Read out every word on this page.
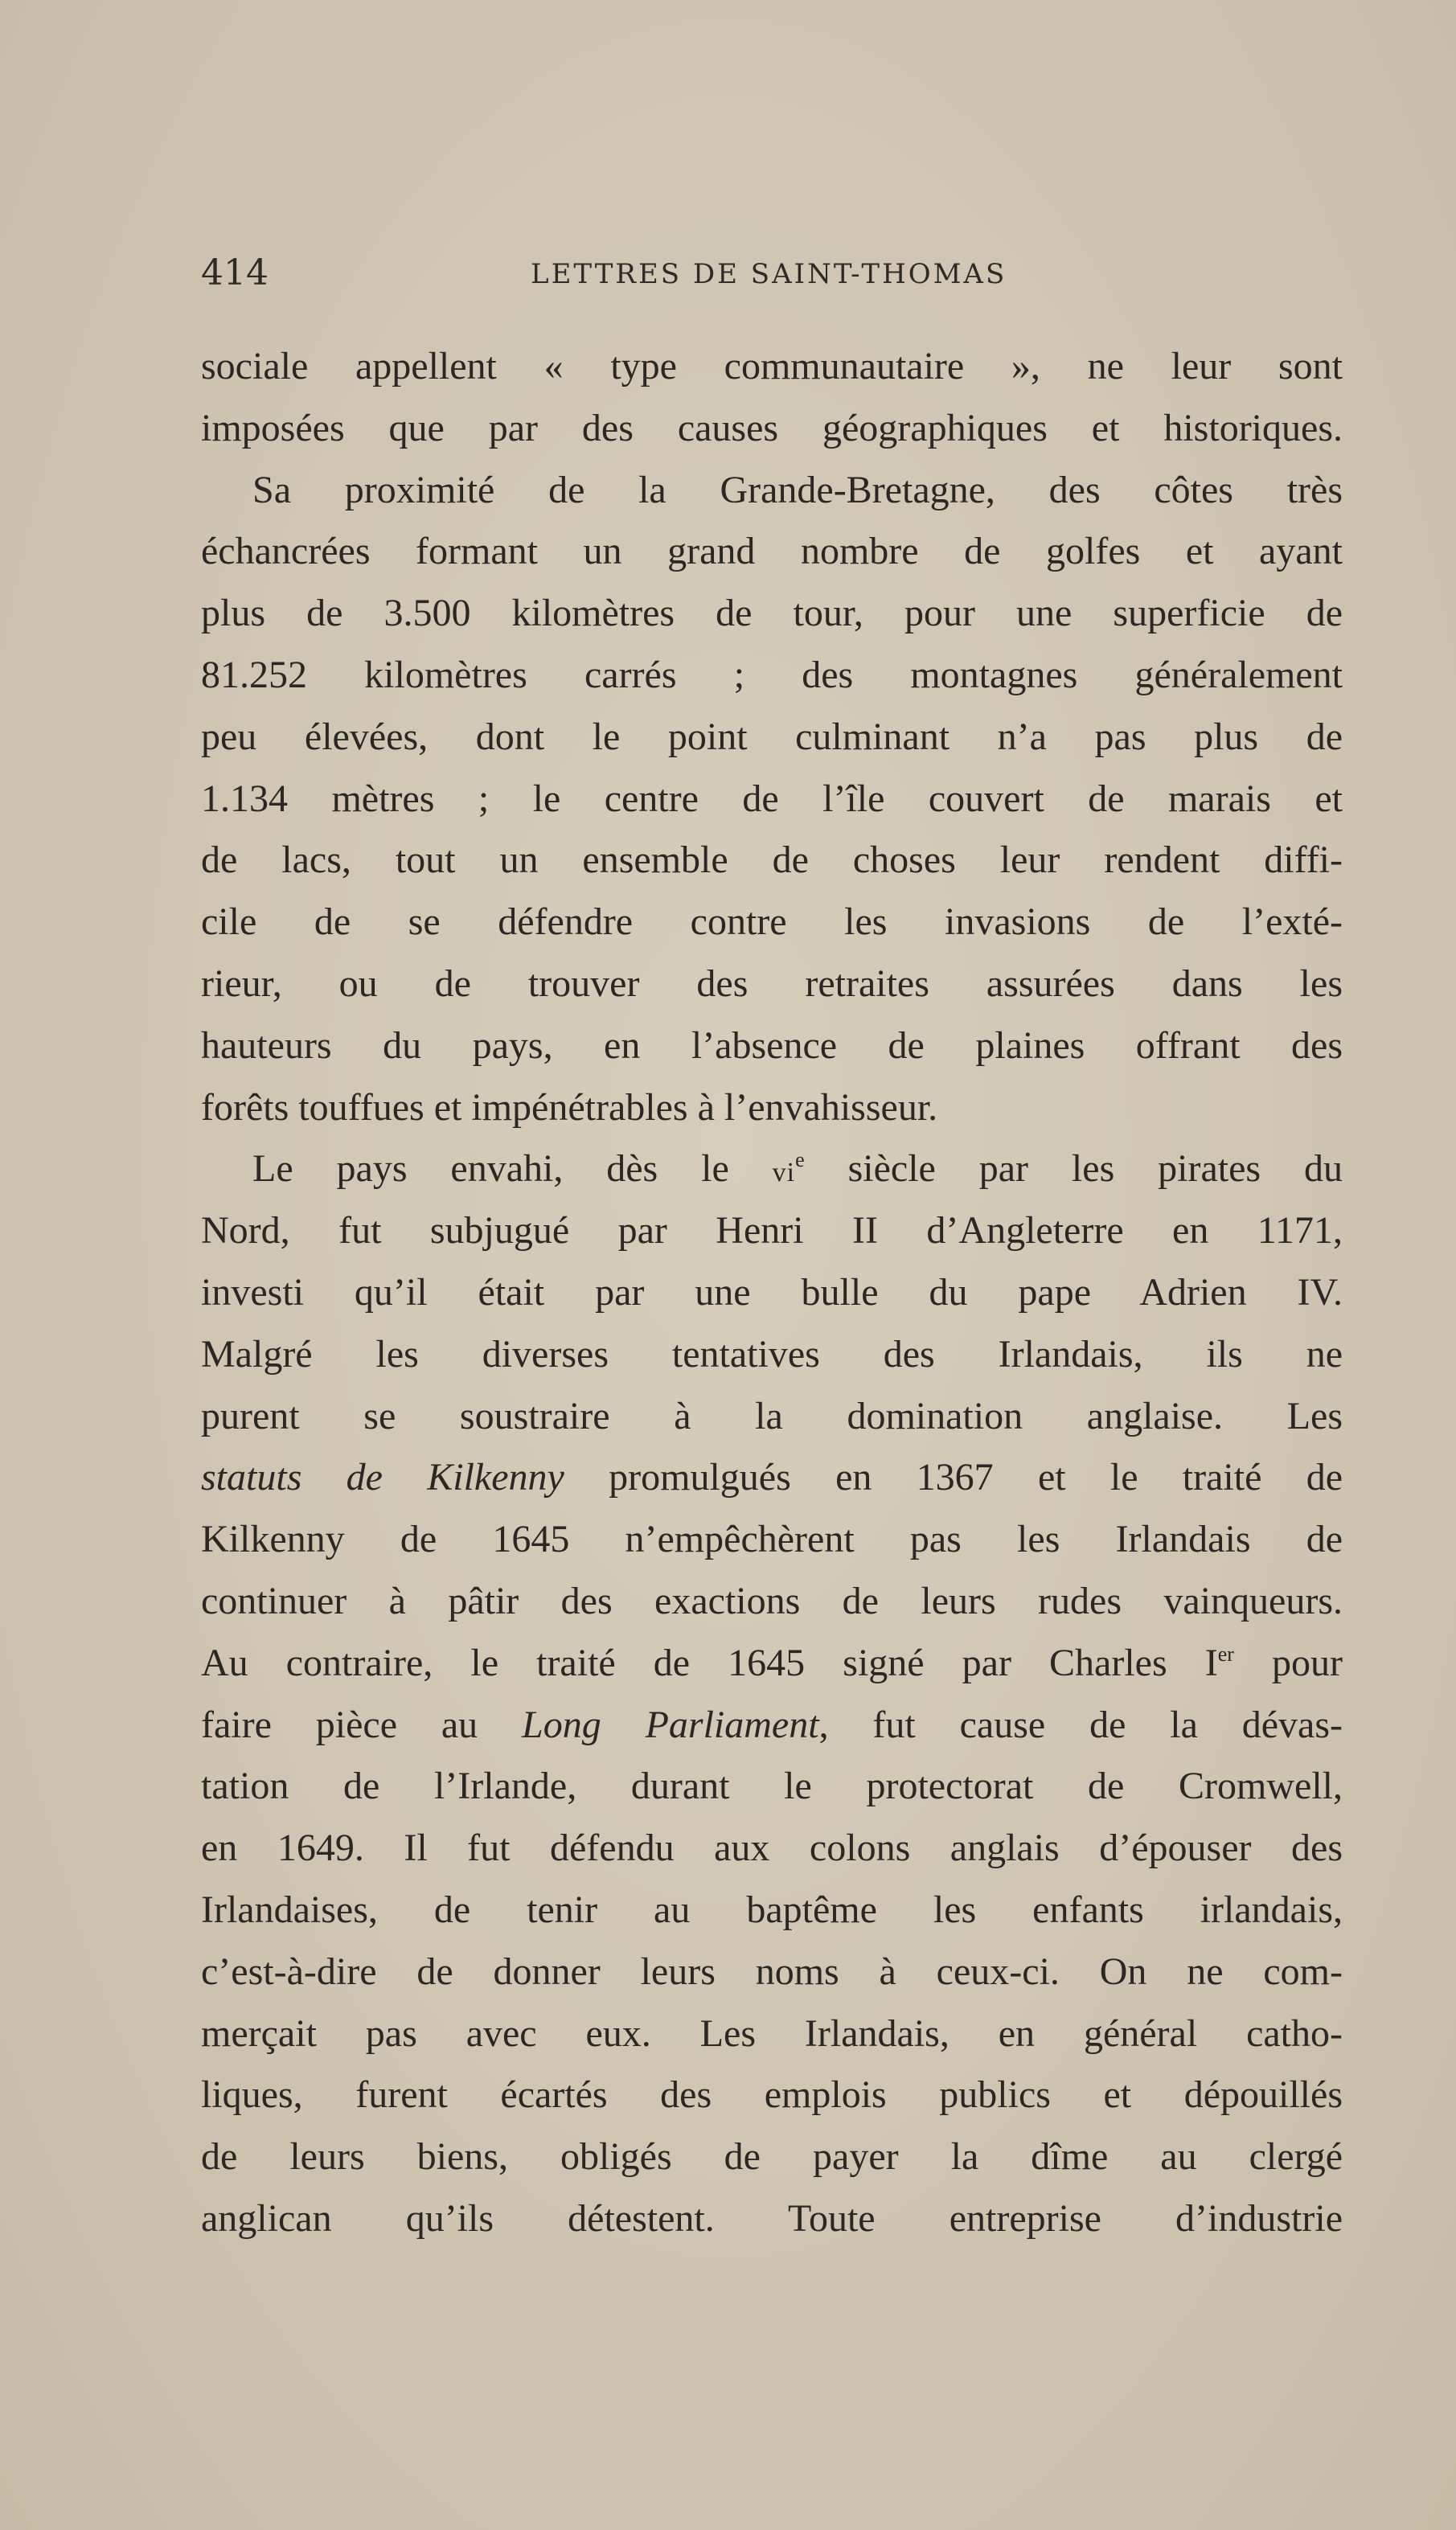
414	LETTRES DE SAINT-THOMAS
sociale appellent « type communautaire », ne leur sont
imposées que par des causes géographiques et historiques.
Sa proximité de la Grande-Bretagne, des côtes très
échancrées formant un grand nombre de golfes et ayant
plus de 3.500 kilomètres de tour, pour une superficie de
81.252 kilomètres carrés ; des montagnes généralement
peu élevées, dont le point culminant n’a pas plus de
1.134 mètres ; le centre de l’île couvert de marais et
de lacs, tout un ensemble de choses leur rendent diffi-
cile de se défendre contre les invasions de l’exté-
rieur, ou de trouver des retraites assurées dans les
hauteurs du pays, en l’absence de plaines offrant des
forêts touffues et impénétrables à l’envahisseur.
Le pays envahi, dès le $vi^e$ siècle par les pirates du
Nord, fut subjugué par Henri II d’Angleterre en 1171,
investi qu’il était par une bulle du pape Adrien IV.
Malgré les diverses tentatives des Irlandais, ils ne
purent se soustraire à la domination anglaise. Les
statuts de Kilkenny promulgués en 1367 et le traité de
Kilkenny de 1645 n’empêchèrent pas les Irlandais de
continuer à pâtir des exactions de leurs rudes vainqueurs.
Au contraire, le traité de 1645 signé par Charles Ier pour
faire pièce au Long Parliament, fut cause de la dévas-
tation de l’Irlande, durant le protectorat de Cromwell,
en 1649. Il fut défendu aux colons anglais d’épouser des
Irlandaises, de tenir au baptême les enfants irlandais,
c’est-à-dire de donner leurs noms à ceux-ci. On ne com-
merçait pas avec eux. Les Irlandais, en général catho-
liques, furent écartés des emplois publics et dépouillés
de leurs biens, obligés de payer la dîme au clergé
anglican qu’ils détestent. Toute entreprise d’industrie
